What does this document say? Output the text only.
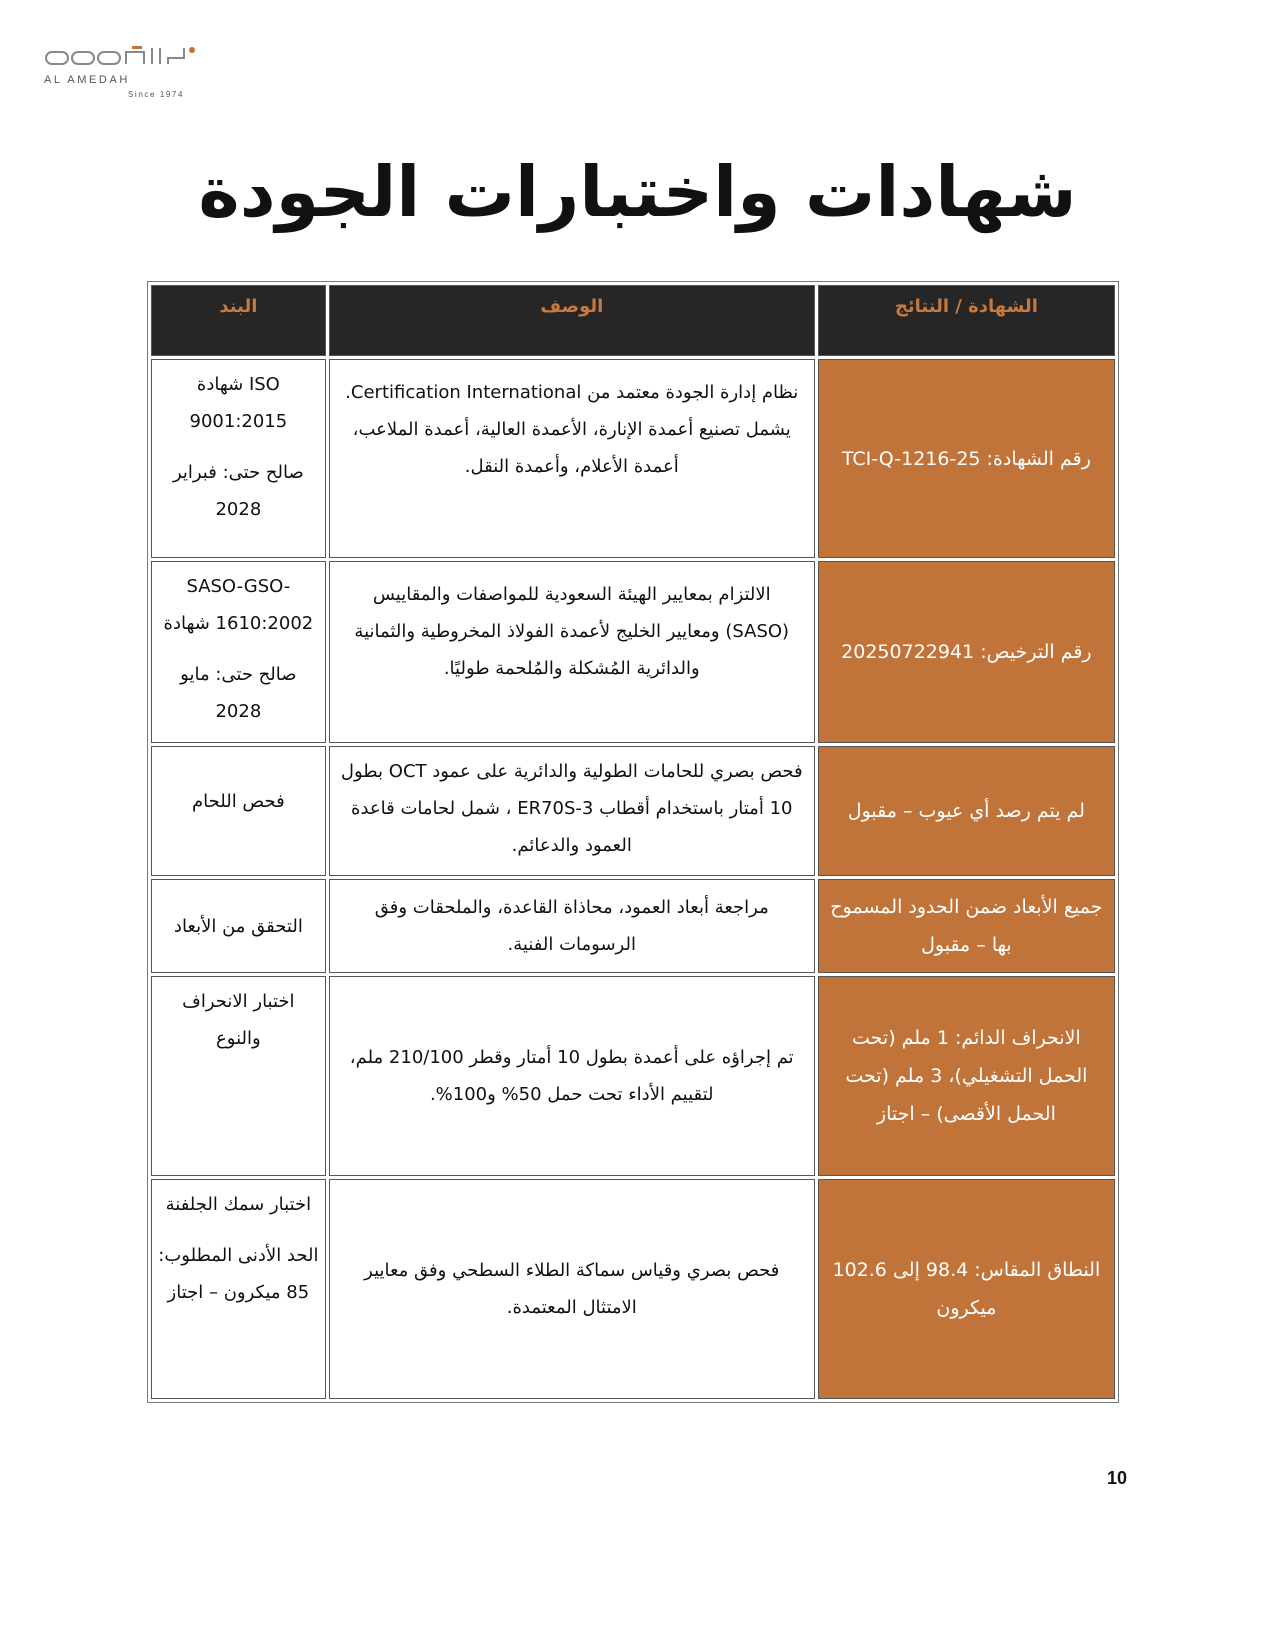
AL AMEDAH
Since 1974
شهادات واختبارات الجودة
الشهادة / النتائج	الوصف	البند
رقم الشهادة: TCI-Q-1216-25	نظام إدارة الجودة معتمد من Certification International. يشمل تصنيع أعمدة الإنارة، الأعمدة العالية، أعمدة الملاعب، أعمدة الأعلام، وأعمدة النقل.	ISO شهادة 9001:2015

صالح حتى: فبراير 2028

رقم الترخيص: 20250722941	الالتزام بمعايير الهيئة السعودية للمواصفات والمقاييس (SASO) ومعايير الخليج لأعمدة الفولاذ المخروطية والثمانية والدائرية المُشكلة والمُلحمة طوليًا.	SASO-GSO-1610:2002 شهادة

صالح حتى: مايو 2028

لم يتم رصد أي عيوب – مقبول	فحص بصري للحامات الطولية والدائرية على عمود OCT بطول 10 أمتار باستخدام أقطاب ER70S-3 ، شمل لحامات قاعدة العمود والدعائم.	فحص اللحام

جميع الأبعاد ضمن الحدود المسموح بها – مقبول	مراجعة أبعاد العمود، محاذاة القاعدة، والملحقات وفق الرسومات الفنية.	التحقق من الأبعاد

الانحراف الدائم: 1 ملم (تحت الحمل التشغيلي)، 3 ملم (تحت الحمل الأقصى) – اجتاز	تم إجراؤه على أعمدة بطول 10 أمتار وقطر 210/100 ملم، لتقييم الأداء تحت حمل 50% و100%.	اختبار الانحراف والنوع

النطاق المقاس: 98.4 إلى 102.6 ميكرون	فحص بصري وقياس سماكة الطلاء السطحي وفق معايير الامتثال المعتمدة.	اختبار سمك الجلفنة

الحد الأدنى المطلوب: 85 ميكرون – اجتاز

10
